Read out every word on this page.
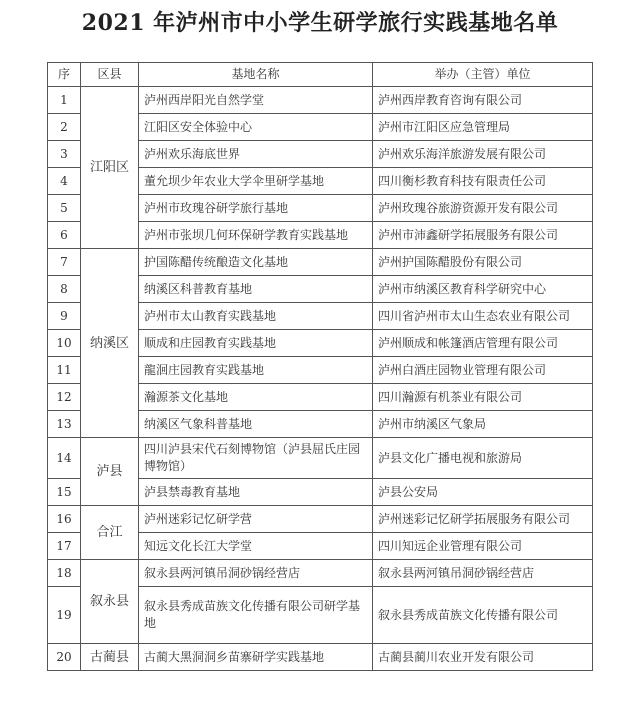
2021 年泸州市中小学生研学旅行实践基地名单
序	区县	基地名称	举办（主管）单位
1	江阳区	泸州西岸阳光自然学堂	泸州西岸教育咨询有限公司
2		江阳区安全体验中心	泸州市江阳区应急管理局
3		泸州欢乐海底世界	泸州欢乐海洋旅游发展有限公司
4		董允坝少年农业大学伞里研学基地	四川衡杉教育科技有限责任公司
5		泸州市玫瑰谷研学旅行基地	泸州玫瑰谷旅游资源开发有限公司
6		泸州市张坝几何环保研学教育实践基地	泸州市沛鑫研学拓展服务有限公司
7	纳溪区	护国陈醋传统酿造文化基地	泸州护国陈醋股份有限公司
8		纳溪区科普教育基地	泸州市纳溪区教育科学研究中心
9		泸州市太山教育实践基地	四川省泸州市太山生态农业有限公司
10		顺成和庄园教育实践基地	泸州顺成和帐篷酒店管理有限公司
11		龍洄庄园教育实践基地	泸州白酒庄园物业管理有限公司
12		瀚源茶文化基地	四川瀚源有机茶业有限公司
13		纳溪区气象科普基地	泸州市纳溪区气象局
14	泸县	四川泸县宋代石刻博物馆（泸县屈氏庄园博物馆）	泸县文化广播电视和旅游局
15		泸县禁毒教育基地	泸县公安局
16	合江	泸州迷彩记忆研学营	泸州迷彩记忆研学拓展服务有限公司
17		知远文化长江大学堂	四川知远企业管理有限公司
18	叙永县	叙永县两河镇吊洞砂锅经营店	叙永县两河镇吊洞砂锅经营店
19		叙永县秀成苗族文化传播有限公司研学基地	叙永县秀成苗族文化传播有限公司
20	古蔺县	古蔺大黑洞洞乡苗寨研学实践基地	古蔺县蔺川农业开发有限公司
